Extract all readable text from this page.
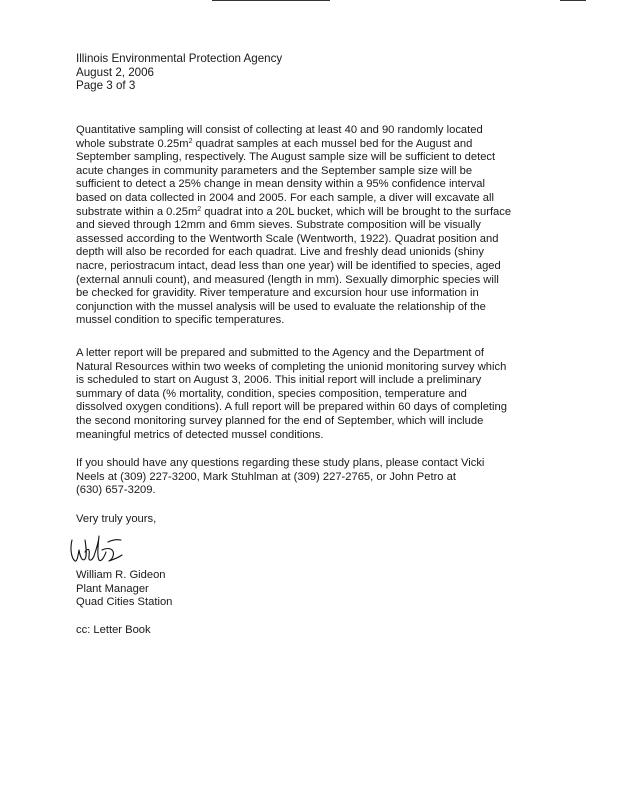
Illinois Environmental Protection Agency
August 2, 2006
Page 3 of 3
Quantitative sampling will consist of collecting at least 40 and 90 randomly located
whole substrate $0.25m^2$ quadrat samples at each mussel bed for the August and
September sampling, respectively. The August sample size will be sufficient to detect
acute changes in community parameters and the September sample size will be
sufficient to detect a 25% change in mean density within a 95% confidence interval
based on data collected in 2004 and 2005. For each sample, a diver will excavate all
substrate within a $0.25m^2$ quadrat into a 20L bucket, which will be brought to the surface
and sieved through 12mm and 6mm sieves. Substrate composition will be visually
assessed according to the Wentworth Scale (Wentworth, 1922). Quadrat position and
depth will also be recorded for each quadrat. Live and freshly dead unionids (shiny
nacre, periostracum intact, dead less than one year) will be identified to species, aged
(external annuli count), and measured (length in mm). Sexually dimorphic species will
be checked for gravidity. River temperature and excursion hour use information in
conjunction with the mussel analysis will be used to evaluate the relationship of the
mussel condition to specific temperatures.
A letter report will be prepared and submitted to the Agency and the Department of
Natural Resources within two weeks of completing the unionid monitoring survey which
is scheduled to start on August 3, 2006. This initial report will include a preliminary
summary of data (% mortality, condition, species composition, temperature and
dissolved oxygen conditions). A full report will be prepared within 60 days of completing
the second monitoring survey planned for the end of September, which will include
meaningful metrics of detected mussel conditions.
If you should have any questions regarding these study plans, please contact Vicki
Neels at (309) 227-3200, Mark Stuhlman at (309) 227-2765, or John Petro at
(630) 657-3209.
Very truly yours,
William R. Gideon
Plant Manager
Quad Cities Station
cc: Letter Book
